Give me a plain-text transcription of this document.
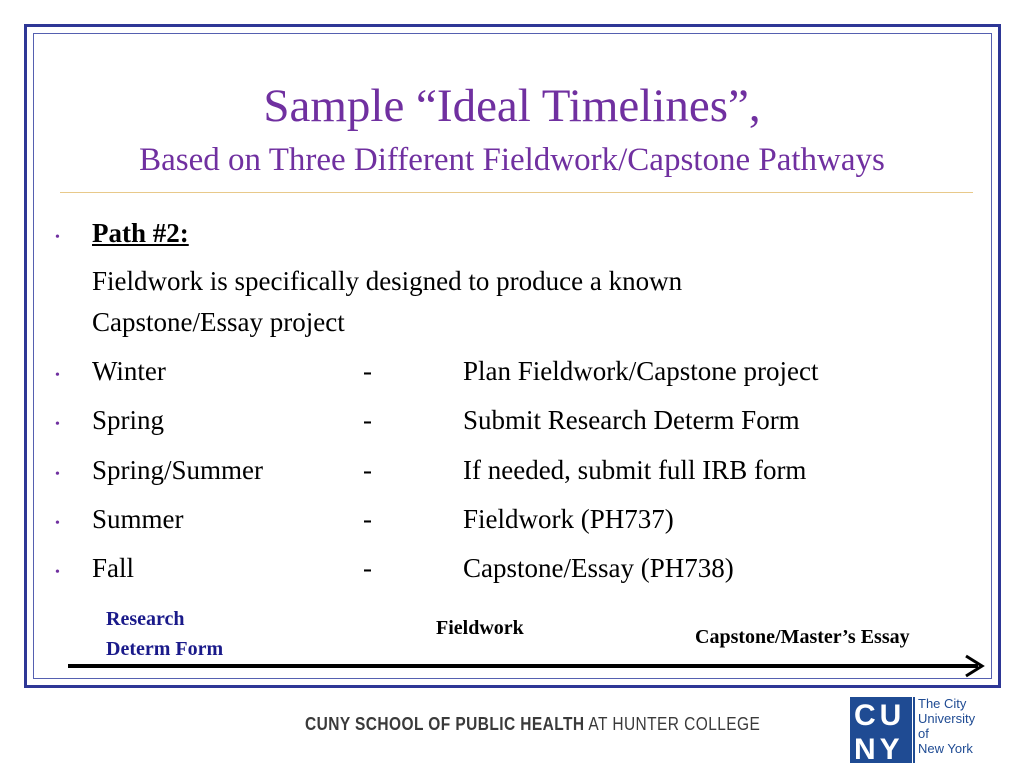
Sample “Ideal Timelines”,
Based on Three Different Fieldwork/Capstone Pathways
• Path #2:
Fieldwork is specifically designed to produce a known
Capstone/Essay project
• Winter	-	Plan Fieldwork/Capstone project
• Spring	-	Submit Research Determ Form
• Spring/Summer	-	If needed, submit full IRB form
• Summer	-	Fieldwork (PH737)
• Fall	-	Capstone/Essay (PH738)
Research
Determ Form
Fieldwork	Capstone/Master’s Essay
CUNY SCHOOL OF PUBLIC HEALTH AT HUNTER COLLEGE	CU
NY
The City
University
of
New York
